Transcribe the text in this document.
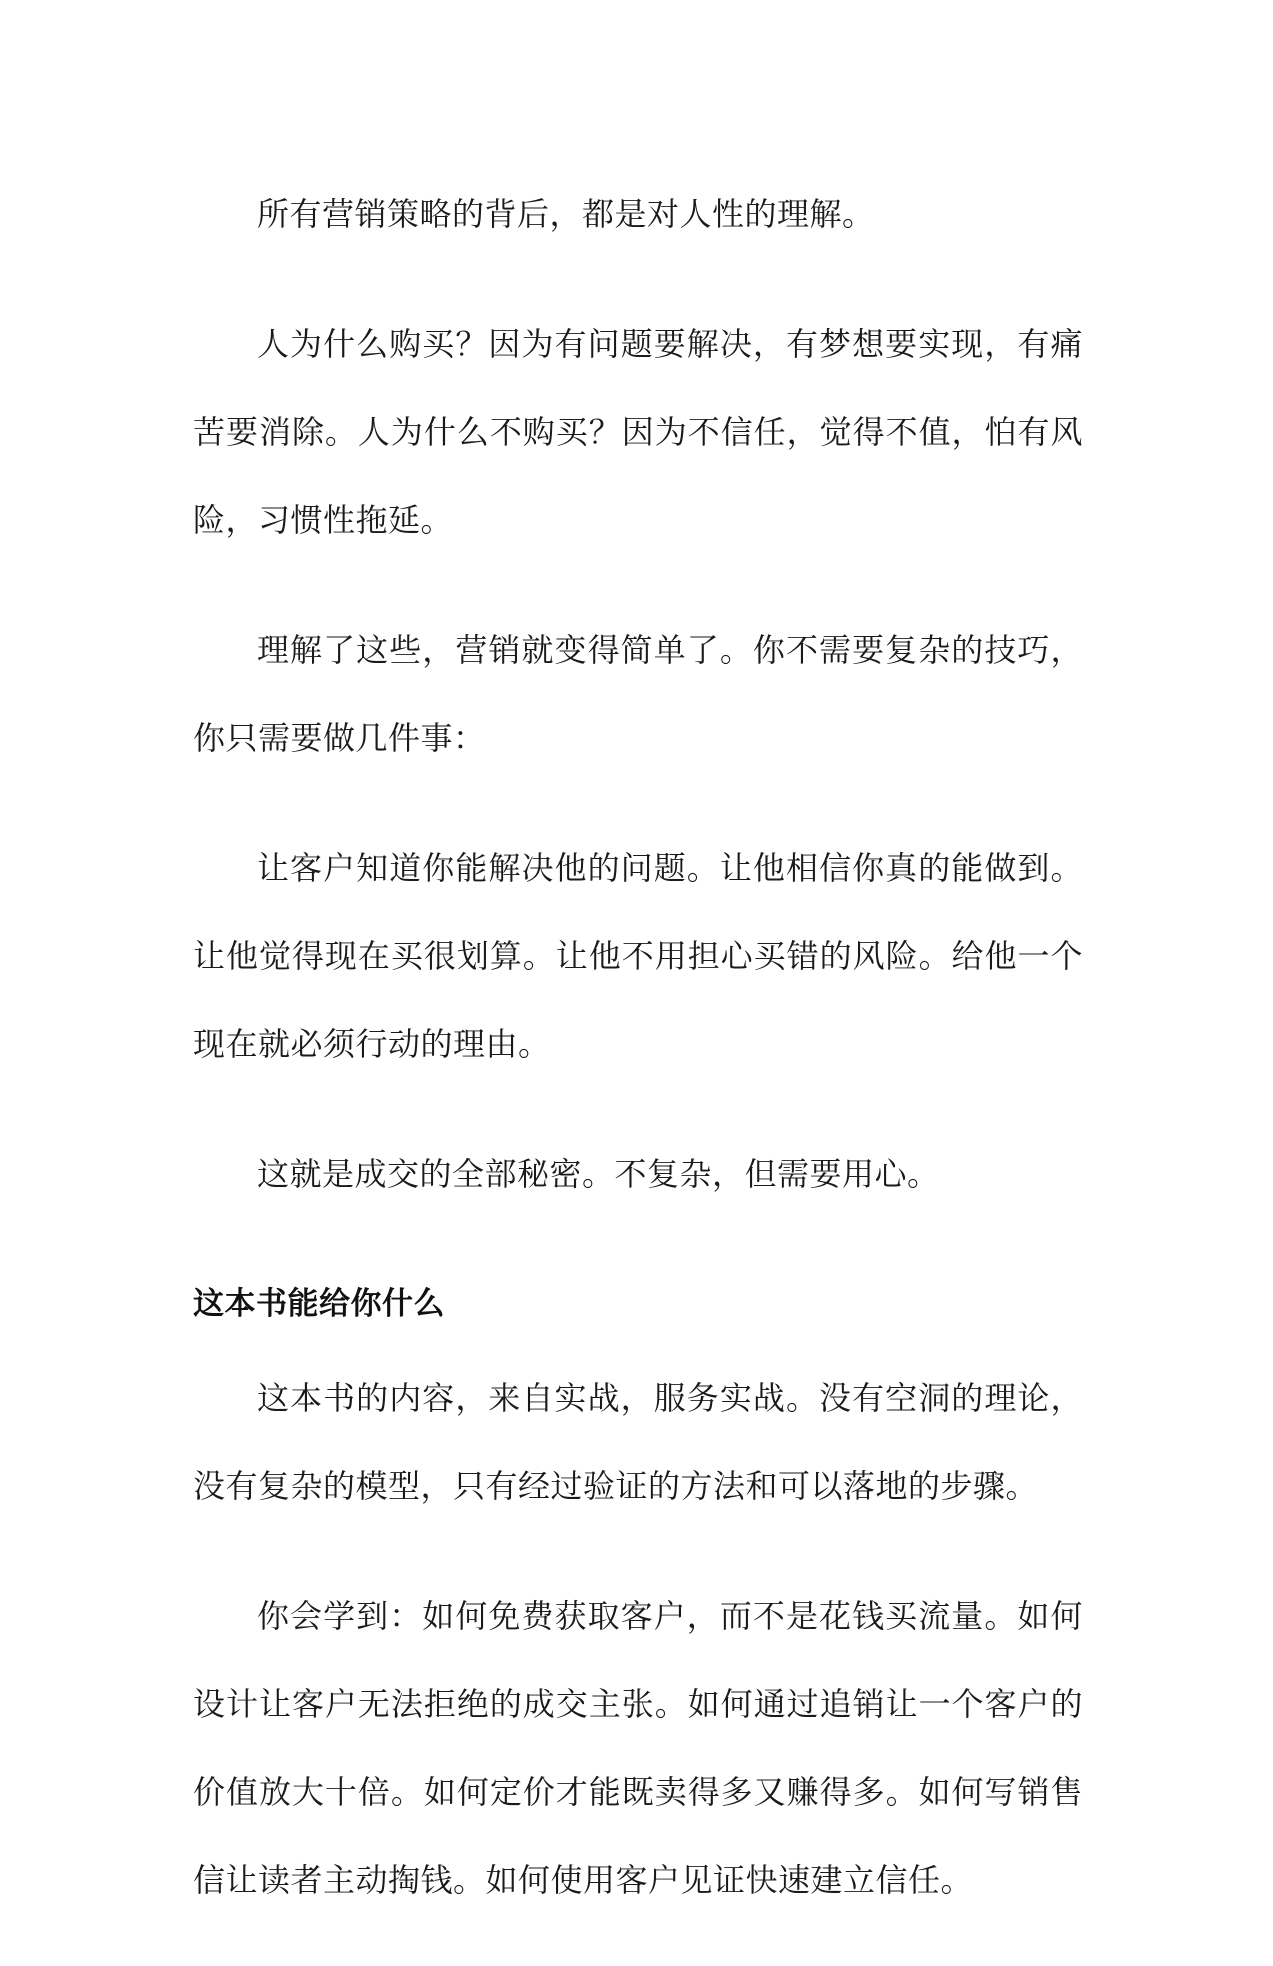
所有营销策略的背后，都是对人性的理解。

人为什么购买？因为有问题要解决，有梦想要实现，有痛苦要消除。人为什么不购买？因为不信任，觉得不值，怕有风险，习惯性拖延。

理解了这些，营销就变得简单了。你不需要复杂的技巧，你只需要做几件事：

让客户知道你能解决他的问题。让他相信你真的能做到。让他觉得现在买很划算。让他不用担心买错的风险。给他一个现在就必须行动的理由。

这就是成交的全部秘密。不复杂，但需要用心。

这本书能给你什么

这本书的内容，来自实战，服务实战。没有空洞的理论，没有复杂的模型，只有经过验证的方法和可以落地的步骤。

你会学到：如何免费获取客户，而不是花钱买流量。如何设计让客户无法拒绝的成交主张。如何通过追销让一个客户的价值放大十倍。如何定价才能既卖得多又赚得多。如何写销售信让读者主动掏钱。如何使用客户见证快速建立信任。
